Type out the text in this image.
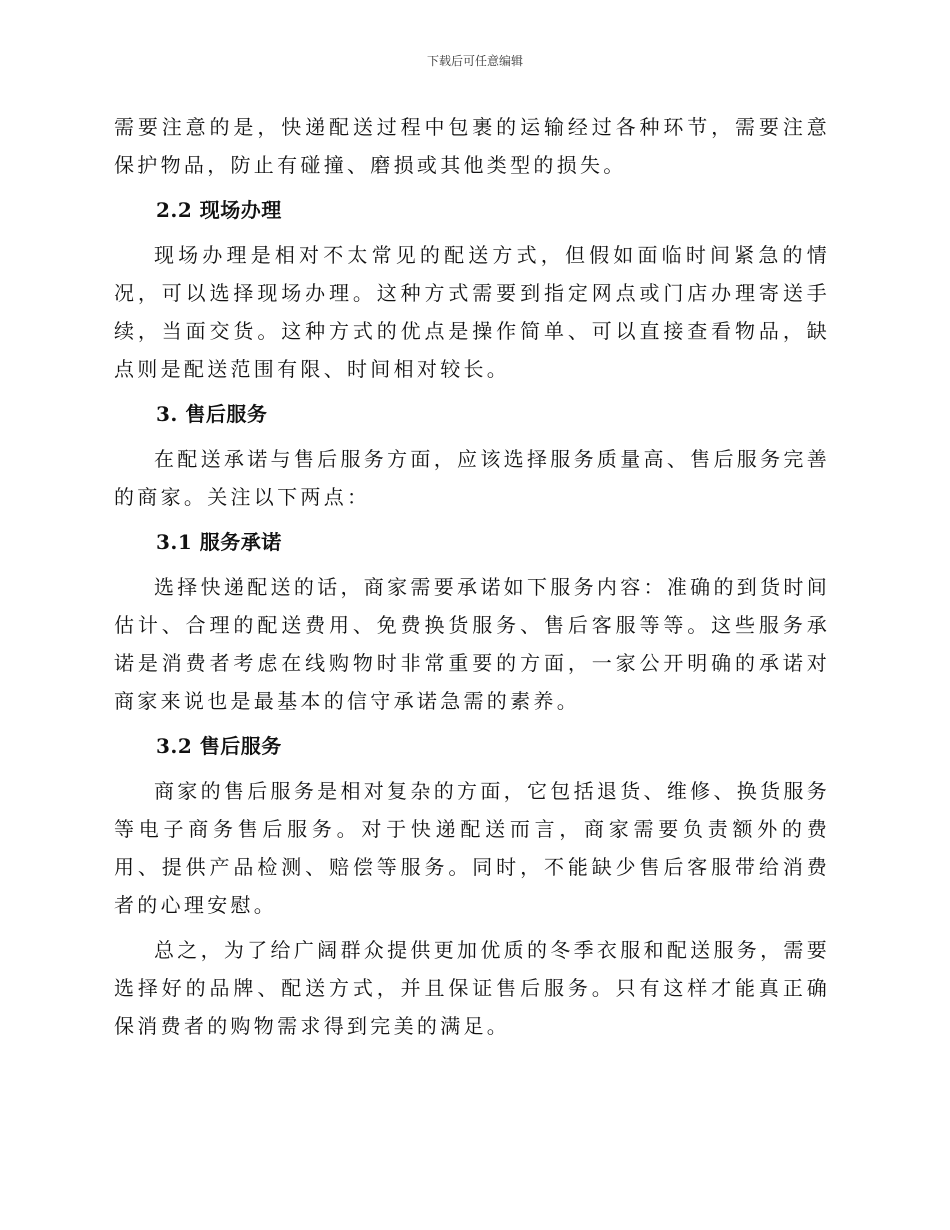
下载后可任意编辑

需要注意的是，快递配送过程中包裹的运输经过各种环节，需要注意保护物品，防止有碰撞、磨损或其他类型的损失。

2.2 现场办理

现场办理是相对不太常见的配送方式，但假如面临时间紧急的情况，可以选择现场办理。这种方式需要到指定网点或门店办理寄送手续，当面交货。这种方式的优点是操作简单、可以直接查看物品，缺点则是配送范围有限、时间相对较长。

3. 售后服务

在配送承诺与售后服务方面，应该选择服务质量高、售后服务完善的商家。关注以下两点：

3.1 服务承诺

选择快递配送的话，商家需要承诺如下服务内容：准确的到货时间估计、合理的配送费用、免费换货服务、售后客服等等。这些服务承诺是消费者考虑在线购物时非常重要的方面，一家公开明确的承诺对商家来说也是最基本的信守承诺急需的素养。

3.2 售后服务

商家的售后服务是相对复杂的方面，它包括退货、维修、换货服务等电子商务售后服务。对于快递配送而言，商家需要负责额外的费用、提供产品检测、赔偿等服务。同时，不能缺少售后客服带给消费者的心理安慰。

总之，为了给广阔群众提供更加优质的冬季衣服和配送服务，需要选择好的品牌、配送方式，并且保证售后服务。只有这样才能真正确保消费者的购物需求得到完美的满足。
